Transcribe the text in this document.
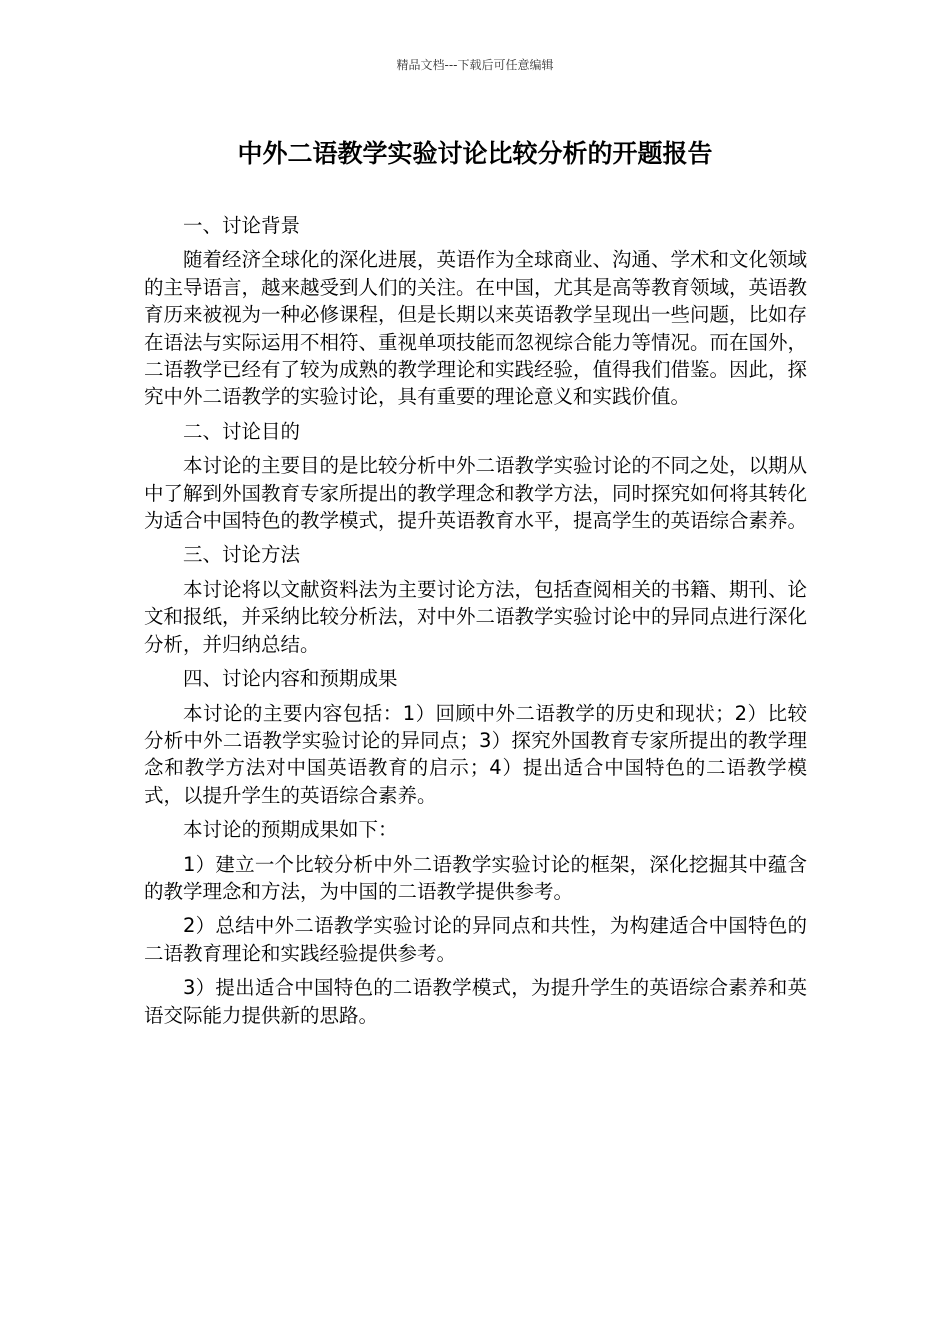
精品文档---下载后可任意编辑
中外二语教学实验讨论比较分析的开题报告

一、讨论背景

随着经济全球化的深化进展，英语作为全球商业、沟通、学术和文化领域的主导语言，越来越受到人们的关注。在中国，尤其是高等教育领域，英语教育历来被视为一种必修课程，但是长期以来英语教学呈现出一些问题，比如存在语法与实际运用不相符、重视单项技能而忽视综合能力等情况。而在国外，二语教学已经有了较为成熟的教学理论和实践经验，值得我们借鉴。因此，探究中外二语教学的实验讨论，具有重要的理论意义和实践价值。

二、讨论目的

本讨论的主要目的是比较分析中外二语教学实验讨论的不同之处，以期从中了解到外国教育专家所提出的教学理念和教学方法，同时探究如何将其转化为适合中国特色的教学模式，提升英语教育水平，提高学生的英语综合素养。

三、讨论方法

本讨论将以文献资料法为主要讨论方法，包括查阅相关的书籍、期刊、论文和报纸，并采纳比较分析法，对中外二语教学实验讨论中的异同点进行深化分析，并归纳总结。

四、讨论内容和预期成果

本讨论的主要内容包括：1）回顾中外二语教学的历史和现状；2）比较分析中外二语教学实验讨论的异同点；3）探究外国教育专家所提出的教学理念和教学方法对中国英语教育的启示；4）提出适合中国特色的二语教学模式，以提升学生的英语综合素养。

本讨论的预期成果如下：

1）建立一个比较分析中外二语教学实验讨论的框架，深化挖掘其中蕴含的教学理念和方法，为中国的二语教学提供参考。

2）总结中外二语教学实验讨论的异同点和共性，为构建适合中国特色的二语教育理论和实践经验提供参考。

3）提出适合中国特色的二语教学模式，为提升学生的英语综合素养和英语交际能力提供新的思路。
